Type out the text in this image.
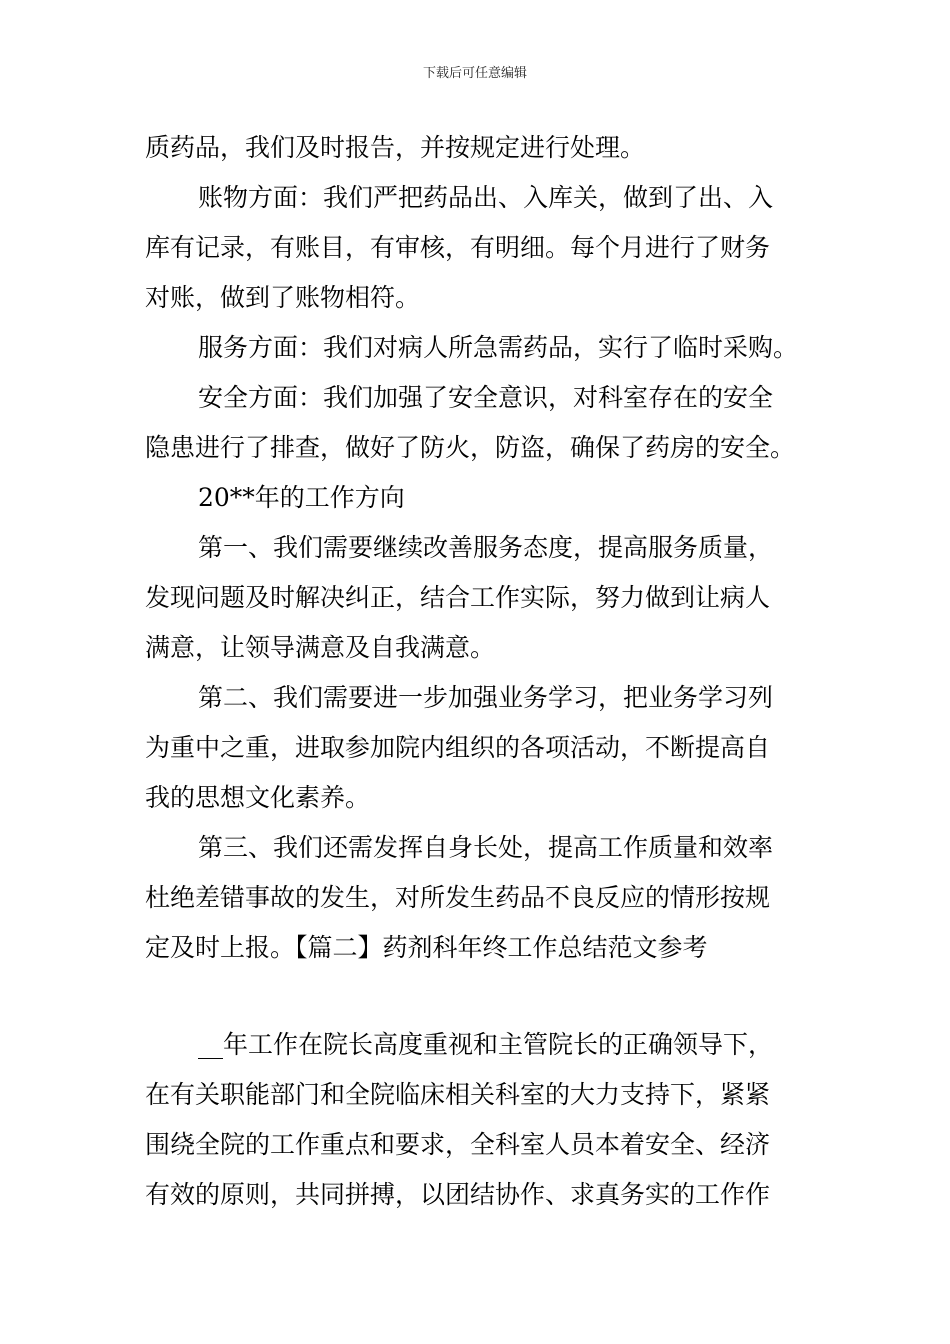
下载后可任意编辑
质药品，我们及时报告，并按规定进行处理。
账物方面：我们严把药品出、入库关，做到了出、入
库有记录，有账目，有审核，有明细。每个月进行了财务
对账，做到了账物相符。
服务方面：我们对病人所急需药品，实行了临时采购。
安全方面：我们加强了安全意识，对科室存在的安全
隐患进行了排查，做好了防火，防盗，确保了药房的安全。
20**年的工作方向
第一、我们需要继续改善服务态度，提高服务质量，
发现问题及时解决纠正，结合工作实际，努力做到让病人
满意，让领导满意及自我满意。
第二、我们需要进一步加强业务学习，把业务学习列
为重中之重，进取参加院内组织的各项活动，不断提高自
我的思想文化素养。
第三、我们还需发挥自身长处，提高工作质量和效率
杜绝差错事故的发生，对所发生药品不良反应的情形按规
定及时上报。【篇二】药剂科年终工作总结范文参考
__年工作在院长高度重视和主管院长的正确领导下，
在有关职能部门和全院临床相关科室的大力支持下，紧紧
围绕全院的工作重点和要求，全科室人员本着安全、经济
有效的原则，共同拼搏，以团结协作、求真务实的工作作
